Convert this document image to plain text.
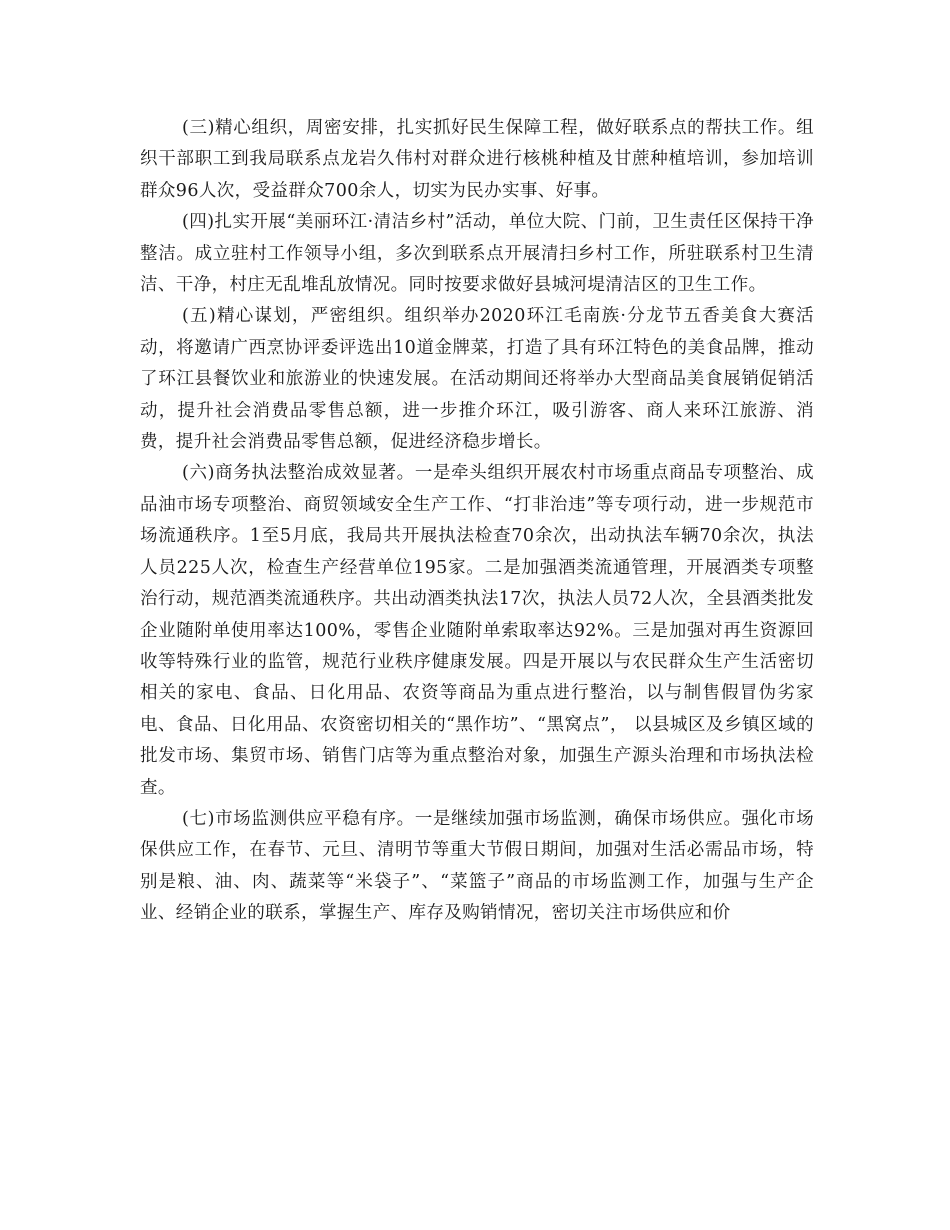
(三)精心组织，周密安排，扎实抓好民生保障工程，做好联系点的帮扶工作。组织干部职工到我局联系点龙岩久伟村对群众进行核桃种植及甘蔗种植培训，参加培训群众96人次，受益群众700余人，切实为民办实事、好事。

(四)扎实开展“美丽环江·清洁乡村”活动，单位大院、门前，卫生责任区保持干净整洁。成立驻村工作领导小组，多次到联系点开展清扫乡村工作，所驻联系村卫生清洁、干净，村庄无乱堆乱放情况。同时按要求做好县城河堤清洁区的卫生工作。

(五)精心谋划，严密组织。组织举办2020环江毛南族·分龙节五香美食大赛活动，将邀请广西烹协评委评选出10道金牌菜，打造了具有环江特色的美食品牌，推动了环江县餐饮业和旅游业的快速发展。在活动期间还将举办大型商品美食展销促销活动，提升社会消费品零售总额，进一步推介环江，吸引游客、商人来环江旅游、消费，提升社会消费品零售总额，促进经济稳步增长。

(六)商务执法整治成效显著。一是牵头组织开展农村市场重点商品专项整治、成品油市场专项整治、商贸领域安全生产工作、“打非治违”等专项行动，进一步规范市场流通秩序。1至5月底，我局共开展执法检查70余次，出动执法车辆70余次，执法人员225人次，检查生产经营单位195家。二是加强酒类流通管理，开展酒类专项整治行动，规范酒类流通秩序。共出动酒类执法17次，执法人员72人次，全县酒类批发企业随附单使用率达100%，零售企业随附单索取率达92%。三是加强对再生资源回收等特殊行业的监管，规范行业秩序健康发展。四是开展以与农民群众生产生活密切相关的家电、食品、日化用品、农资等商品为重点进行整治，以与制售假冒伪劣家电、食品、日化用品、农资密切相关的“黑作坊”、“黑窝点”， 以县城区及乡镇区域的批发市场、集贸市场、销售门店等为重点整治对象，加强生产源头治理和市场执法检查。

(七)市场监测供应平稳有序。一是继续加强市场监测，确保市场供应。强化市场保供应工作，在春节、元旦、清明节等重大节假日期间，加强对生活必需品市场，特别是粮、油、肉、蔬菜等“米袋子”、“菜篮子”商品的市场监测工作，加强与生产企业、经销企业的联系，掌握生产、库存及购销情况，密切关注市场供应和价
